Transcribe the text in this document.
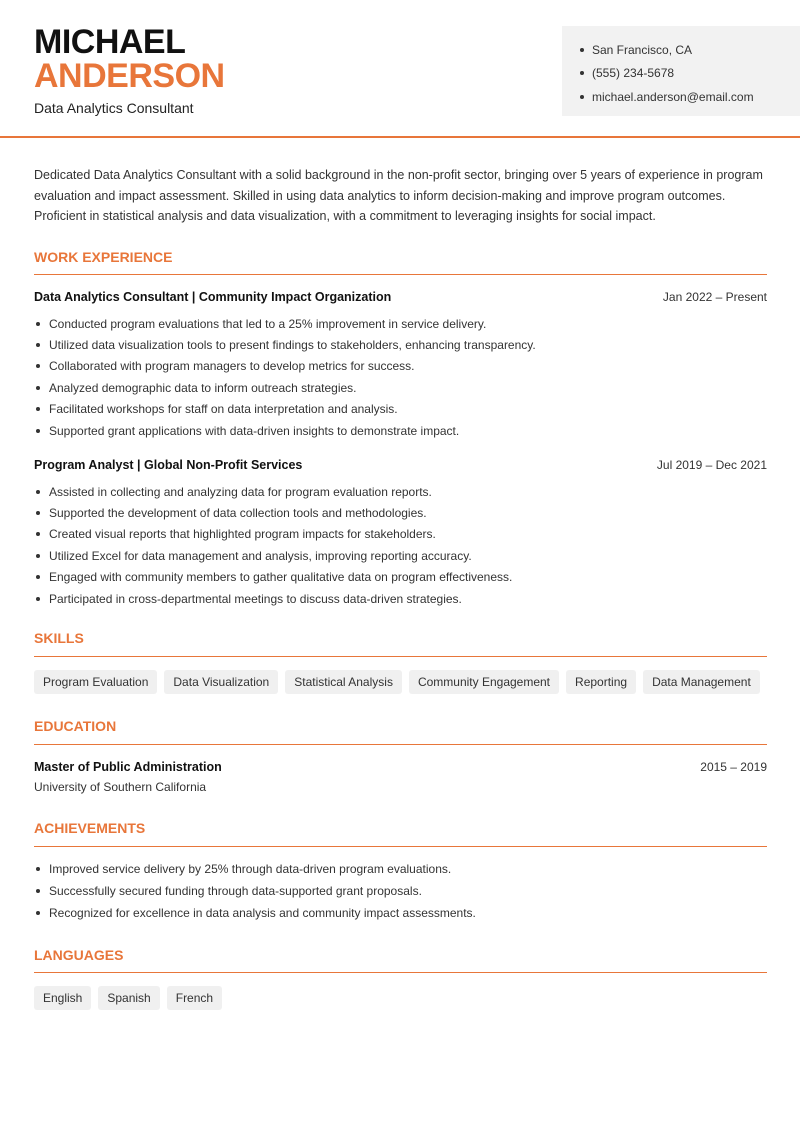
MICHAEL
ANDERSON
Data Analytics Consultant
San Francisco, CA
(555) 234-5678
michael.anderson@email.com

Dedicated Data Analytics Consultant with a solid background in the non-profit sector, bringing over 5 years of experience in program evaluation and impact assessment. Skilled in using data analytics to inform decision-making and improve program outcomes. Proficient in statistical analysis and data visualization, with a commitment to leveraging insights for social impact.

WORK EXPERIENCE
Data Analytics Consultant | Community Impact Organization	Jan 2022 – Present
Conducted program evaluations that led to a 25% improvement in service delivery.
Utilized data visualization tools to present findings to stakeholders, enhancing transparency.
Collaborated with program managers to develop metrics for success.
Analyzed demographic data to inform outreach strategies.
Facilitated workshops for staff on data interpretation and analysis.
Supported grant applications with data-driven insights to demonstrate impact.
Program Analyst | Global Non-Profit Services	Jul 2019 – Dec 2021
Assisted in collecting and analyzing data for program evaluation reports.
Supported the development of data collection tools and methodologies.
Created visual reports that highlighted program impacts for stakeholders.
Utilized Excel for data management and analysis, improving reporting accuracy.
Engaged with community members to gather qualitative data on program effectiveness.
Participated in cross-departmental meetings to discuss data-driven strategies.
SKILLS
Program Evaluation	Data Visualization	Statistical Analysis	Community Engagement	Reporting	Data Management
EDUCATION
Master of Public Administration	2015 – 2019
University of Southern California
ACHIEVEMENTS
Improved service delivery by 25% through data-driven program evaluations.
Successfully secured funding through data-supported grant proposals.
Recognized for excellence in data analysis and community impact assessments.
LANGUAGES
English	Spanish	French
